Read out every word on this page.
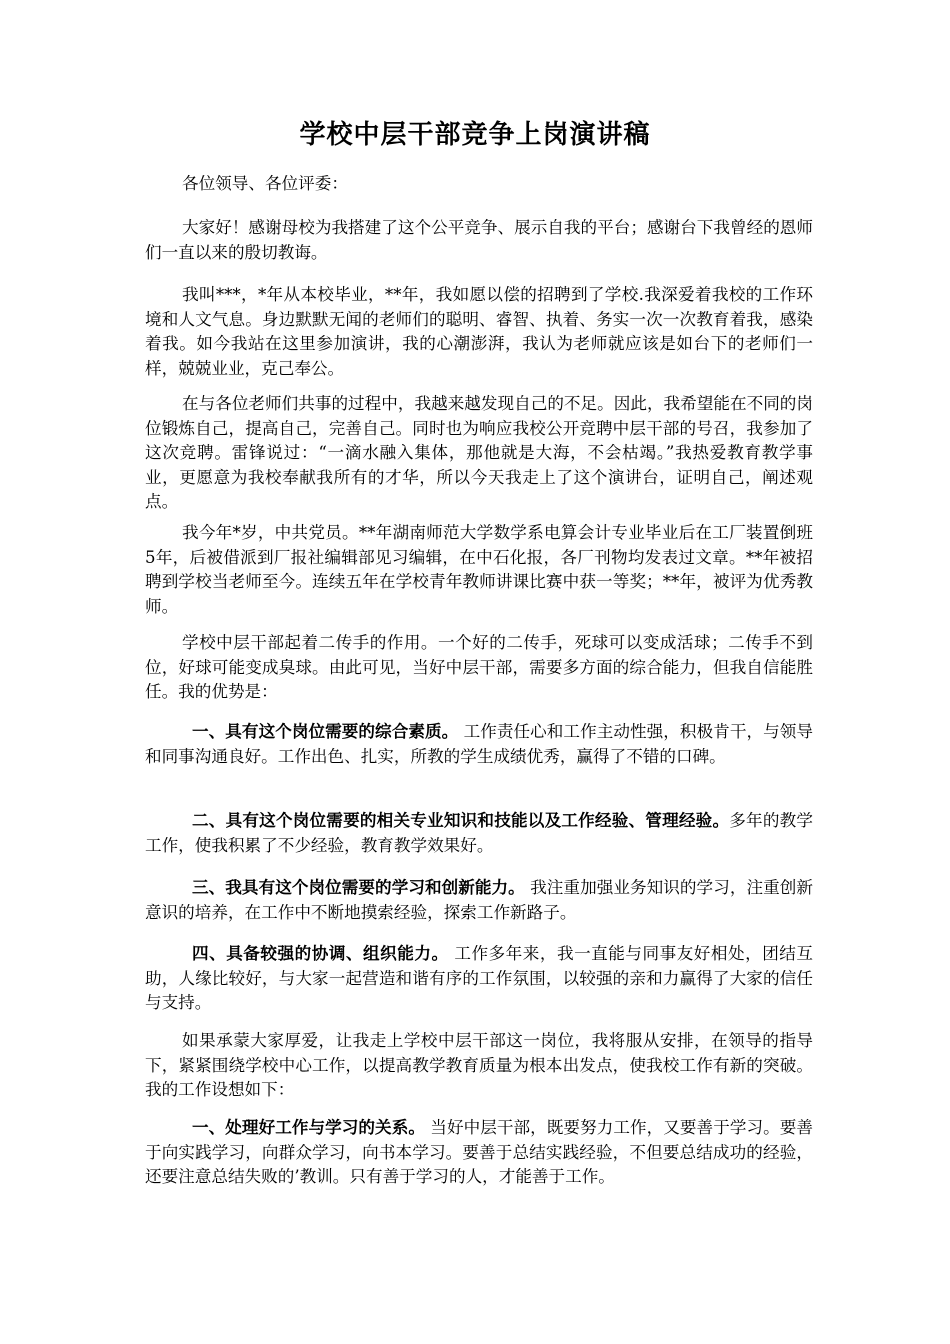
学校中层干部竞争上岗演讲稿

各位领导、各位评委：

大家好！感谢母校为我搭建了这个公平竞争、展示自我的平台；感谢台下我曾经的恩师们一直以来的殷切教诲。

我叫***，*年从本校毕业，**年，我如愿以偿的招聘到了学校.我深爱着我校的工作环境和人文气息。身边默默无闻的老师们的聪明、睿智、执着、务实一次一次教育着我，感染着我。如今我站在这里参加演讲，我的心潮澎湃，我认为老师就应该是如台下的老师们一样，兢兢业业，克己奉公。

在与各位老师们共事的过程中，我越来越发现自己的不足。因此，我希望能在不同的岗位锻炼自己，提高自己，完善自己。同时也为响应我校公开竞聘中层干部的号召，我参加了这次竞聘。雷锋说过：“一滴水融入集体，那他就是大海，不会枯竭。”我热爱教育教学事业，更愿意为我校奉献我所有的才华，所以今天我走上了这个演讲台，证明自己，阐述观点。

我今年*岁，中共党员。**年湖南师范大学数学系电算会计专业毕业后在工厂装置倒班5年，后被借派到厂报社编辑部见习编辑，在中石化报，各厂刊物均发表过文章。**年被招聘到学校当老师至今。连续五年在学校青年教师讲课比赛中获一等奖；**年，被评为优秀教师。

学校中层干部起着二传手的作用。一个好的二传手，死球可以变成活球；二传手不到位，好球可能变成臭球。由此可见，当好中层干部，需要多方面的综合能力，但我自信能胜任。我的优势是：

一、具有这个岗位需要的综合素质。 工作责任心和工作主动性强，积极肯干，与领导和同事沟通良好。工作出色、扎实，所教的学生成绩优秀，赢得了不错的口碑。

二、具有这个岗位需要的相关专业知识和技能以及工作经验、管理经验。多年的教学工作，使我积累了不少经验，教育教学效果好。

三、我具有这个岗位需要的学习和创新能力。 我注重加强业务知识的学习，注重创新意识的培养，在工作中不断地摸索经验，探索工作新路子。

四、具备较强的协调、组织能力。 工作多年来，我一直能与同事友好相处，团结互助，人缘比较好，与大家一起营造和谐有序的工作氛围，以较强的亲和力赢得了大家的信任与支持。

如果承蒙大家厚爱，让我走上学校中层干部这一岗位，我将服从安排，在领导的指导下，紧紧围绕学校中心工作，以提高教学教育质量为根本出发点，使我校工作有新的突破。我的工作设想如下：

一、处理好工作与学习的关系。 当好中层干部，既要努力工作，又要善于学习。要善于向实践学习，向群众学习，向书本学习。要善于总结实践经验，不但要总结成功的经验，还要注意总结失败的’教训。只有善于学习的人，才能善于工作。
